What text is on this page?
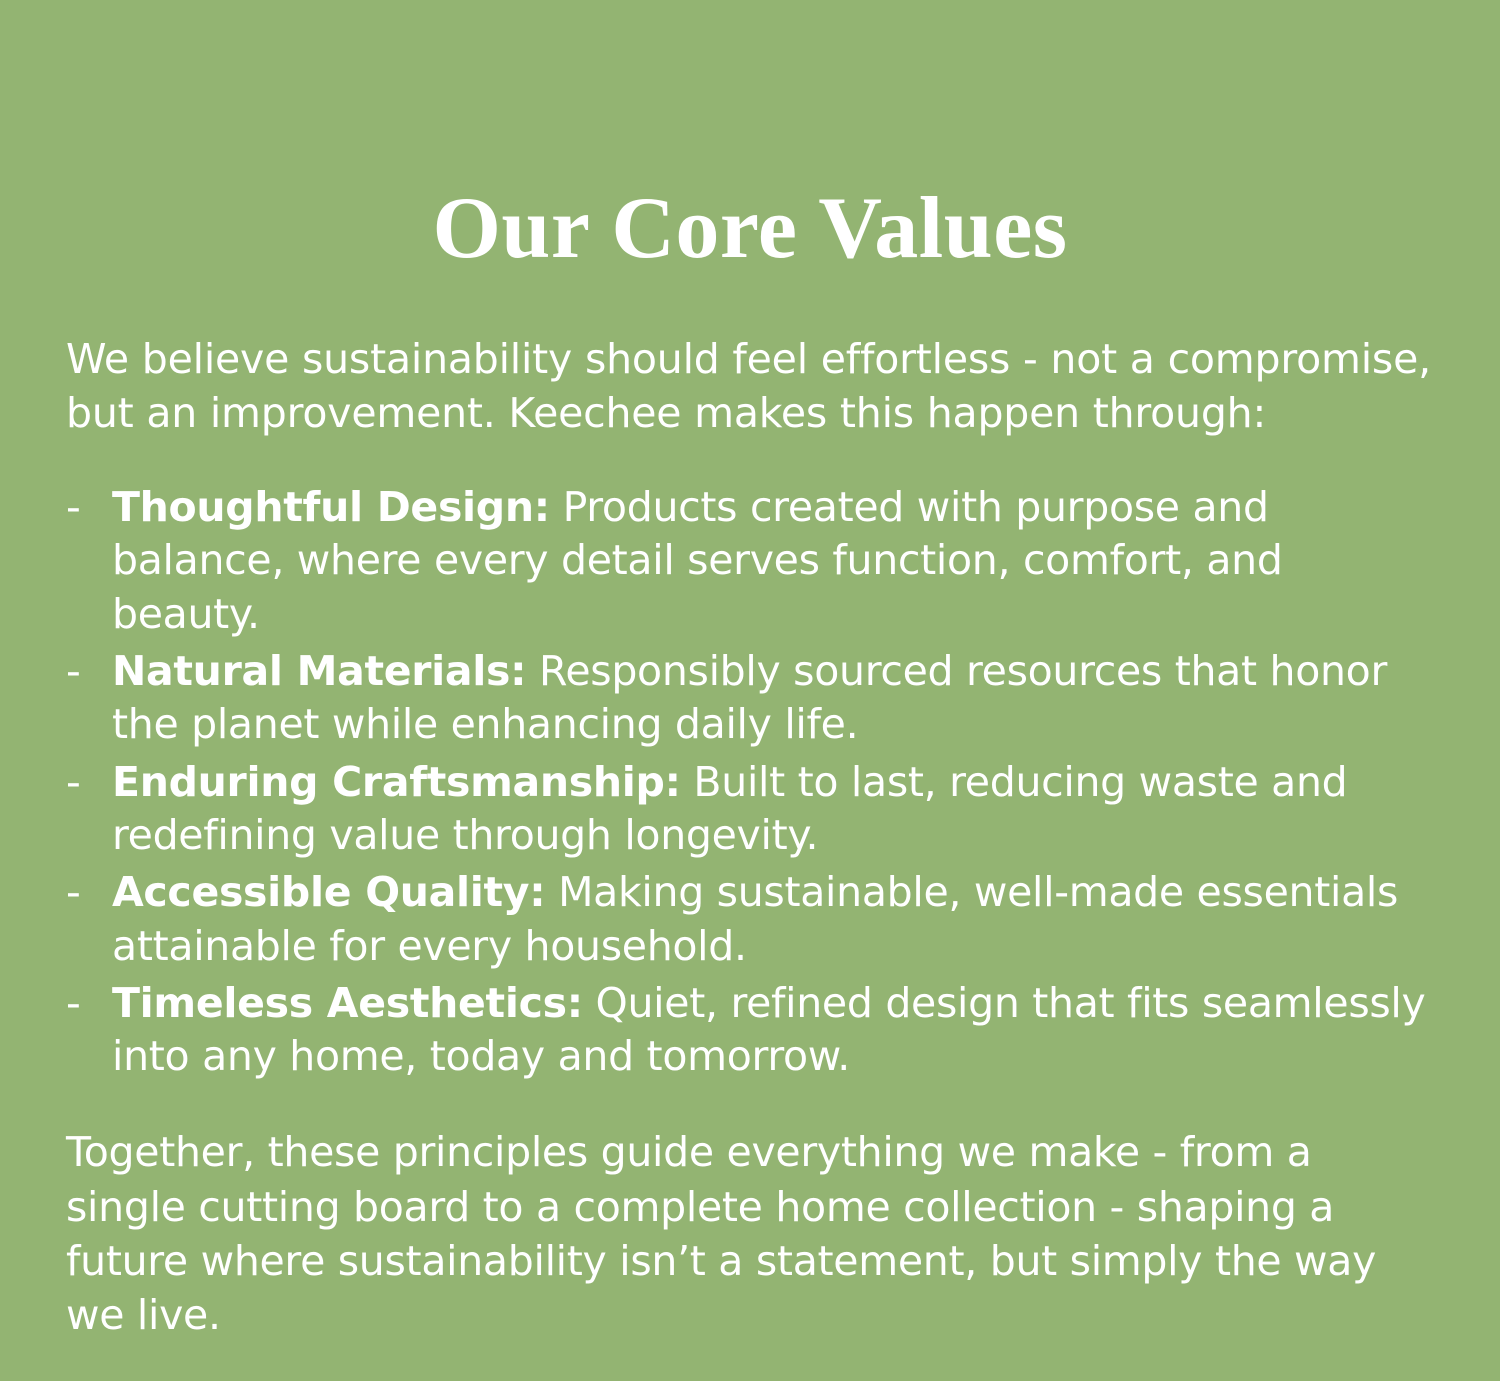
Our Core Values

We believe sustainability should feel effortless - not a compromise, but an improvement. Keechee makes this happen through:

- Thoughtful Design: Products created with purpose and balance, where every detail serves function, comfort, and beauty.
- Natural Materials: Responsibly sourced resources that honor the planet while enhancing daily life.
- Enduring Craftsmanship: Built to last, reducing waste and redefining value through longevity.
- Accessible Quality: Making sustainable, well-made essentials attainable for every household.
- Timeless Aesthetics: Quiet, refined design that fits seamlessly into any home, today and tomorrow.

Together, these principles guide everything we make - from a single cutting board to a complete home collection - shaping a future where sustainability isn’t a statement, but simply the way we live.
